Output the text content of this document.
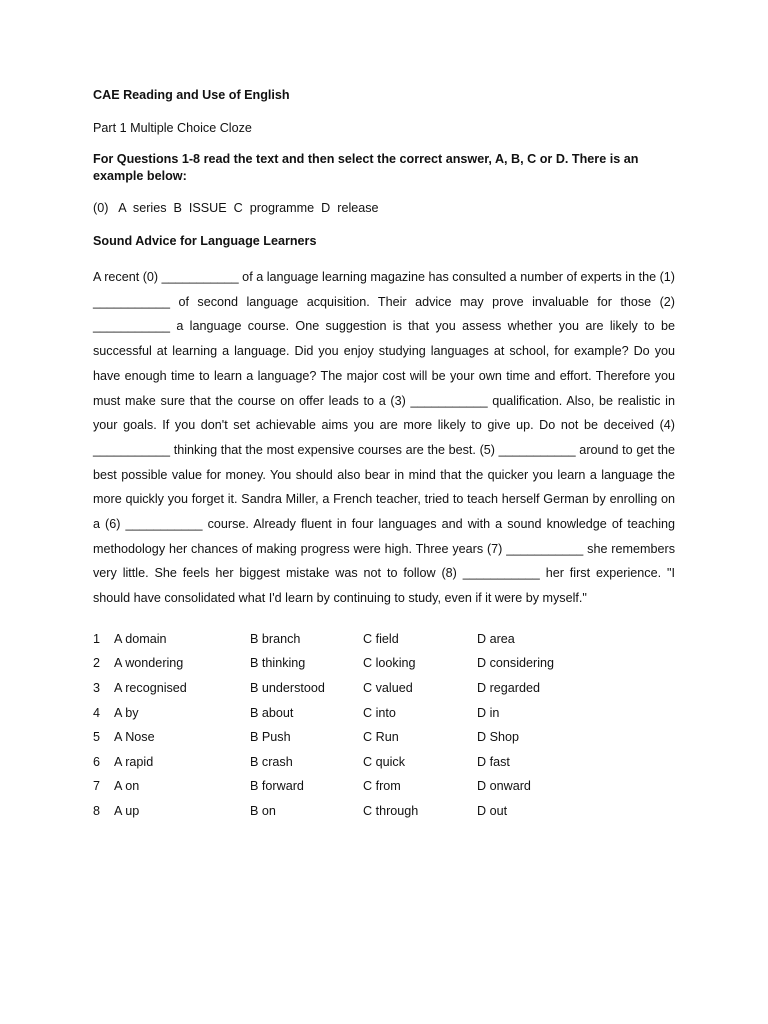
CAE Reading and Use of English

Part 1 Multiple Choice Cloze

For Questions 1-8 read the text and then select the correct answer, A, B, C or D. There is an example below:

(0)   A  series  B  ISSUE  C  programme  D  release

Sound Advice for Language Learners

A recent (0) ___________ of a language learning magazine has consulted a number of experts in the (1) ___________ of second language acquisition. Their advice may prove invaluable for those (2) ___________ a language course. One suggestion is that you assess whether you are likely to be successful at learning a language. Did you enjoy studying languages at school, for example? Do you have enough time to learn a language? The major cost will be your own time and effort. Therefore you must make sure that the course on offer leads to a (3) ___________ qualification. Also, be realistic in your goals. If you don't set achievable aims you are more likely to give up. Do not be deceived (4) ___________ thinking that the most expensive courses are the best. (5) ___________ around to get the best possible value for money. You should also bear in mind that the quicker you learn a language the more quickly you forget it. Sandra Miller, a French teacher, tried to teach herself German by enrolling on a (6) ___________ course. Already fluent in four languages and with a sound knowledge of teaching methodology her chances of making progress were high. Three years (7) ___________ she remembers very little. She feels her biggest mistake was not to follow (8) ___________ her first experience. "I should have consolidated what I'd learn by continuing to study, even if it were by myself."

1	A domain	B branch	C field	D area
2	A wondering	B thinking	C looking	D considering
3	A recognised	B understood	C valued	D regarded
4	A by	B about	C into	D in
5	A Nose	B Push	C Run	D Shop
6	A rapid	B crash	C quick	D fast
7	A on	B forward	C from	D onward
8	A up	B on	C through	D out
